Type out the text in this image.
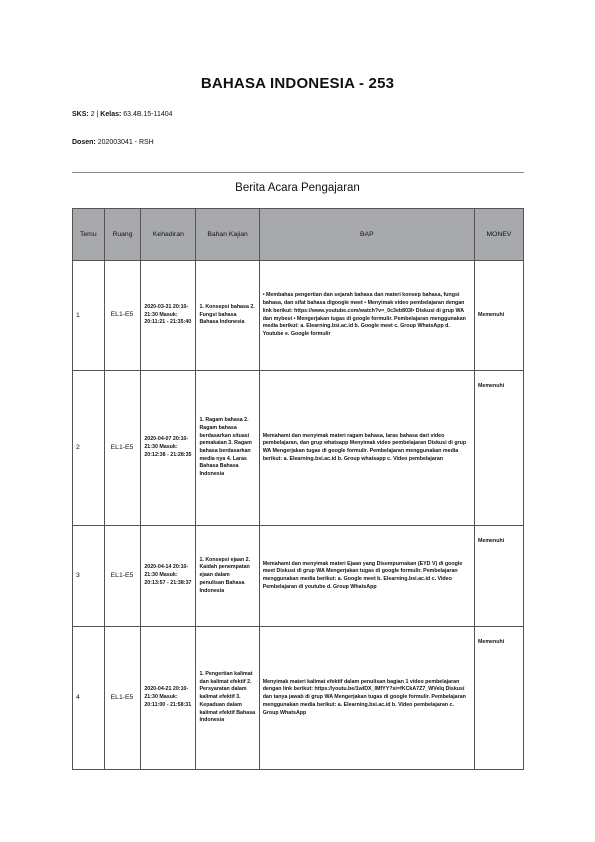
BAHASA INDONESIA - 253
SKS: 2 | Kelas: 63.4B.15-11404
Dosen: 202003041 - RSH
Berita Acara Pengajaran
Temu	Ruang	Kehadiran	Bahan Kajian	BAP	MONEV
1	EL1-E5	2020-03-31 20:10-21:30 Masuk: 20:11:21 - 21:35:40	1. Konsepsi bahasa 2. Fungsi bahasa Bahasa Indonesia	• Membahas pengertian dan sejarah bahasa dan materi konsep bahasa, fungsi bahasa, dan sifat bahasa digoogle meet • Menyimak video pembelajaran dengan link berikut: https://www.youtube.com/watch?v=_0c3eb803I• Diskusi di grup WA dan mybest • Mengerjakan tugas di google formulir. Pembelajaran menggunakan media berikut: a. Elearning.bsi.ac.id b. Google meet c. Group WhatsApp d. Youtube e. Google formulir	Memenuhi
2	EL1-E5	2020-04-07 20:10-21:30 Masuk: 20:12:38 - 21:28:35	1. Ragam bahasa 2. Ragam bahasa berdasarkan situasi pemakaian 3. Ragam bahasa berdasarkan media nya 4. Laras Bahasa Bahasa Indonesia	Memahami dan menyimak materi ragam bahasa, laras bahasa dari video pembelajaran, dan grup whatsapp Menyimak video pembelajaran Diskusi di grup WA Mengerjakan tugas di google formulir. Pembelajaran menggunakan media berikut: a. Elearning.bsi.ac.id b. Group whatsapp c. Video pembelajaran	Memenuhi
3	EL1-E5	2020-04-14 20:10-21:30 Masuk: 20:13:57 - 21:38:37	1. Konsepsi ejaan 2. Kaidah penempatan ejaan dalam penulisan Bahasa Indonesia	Memahami dan menyimak materi Ejaan yang Disempurnakan (EYD V) di google meet Diskusi di grup WA Mengerjakan tugas di google formulir. Pembelajaran menggunakan media berikut: a. Google meet b. Elearning.bsi.ac.id c. Video Pembelajaran di youtube d. Group WhatsApp	Memenuhi
4	EL1-E5	2020-04-21 20:10-21:30 Masuk: 20:11:00 - 21:58:31	1. Pengertian kalimat dan kalimat efektif 2. Persyaratan dalam kalimat efektif 3. Kepaduan dalam kalimat efektif Bahasa Indonesia	Menyimak materi kalimat efektif dalam penulisan bagian 1 video pembelajaran dengan link berikut: https://youtu.be/1wIDX_lMfYY?si=fKCkA7Z7_WVelq Diskusi dan tanya jawab di grup WA Mengerjakan tugas di google formulir. Pembelajaran menggunakan media berikut: a. Elearning.bsi.ac.id b. Video pembelajaran c. Group WhatsApp	Memenuhi
